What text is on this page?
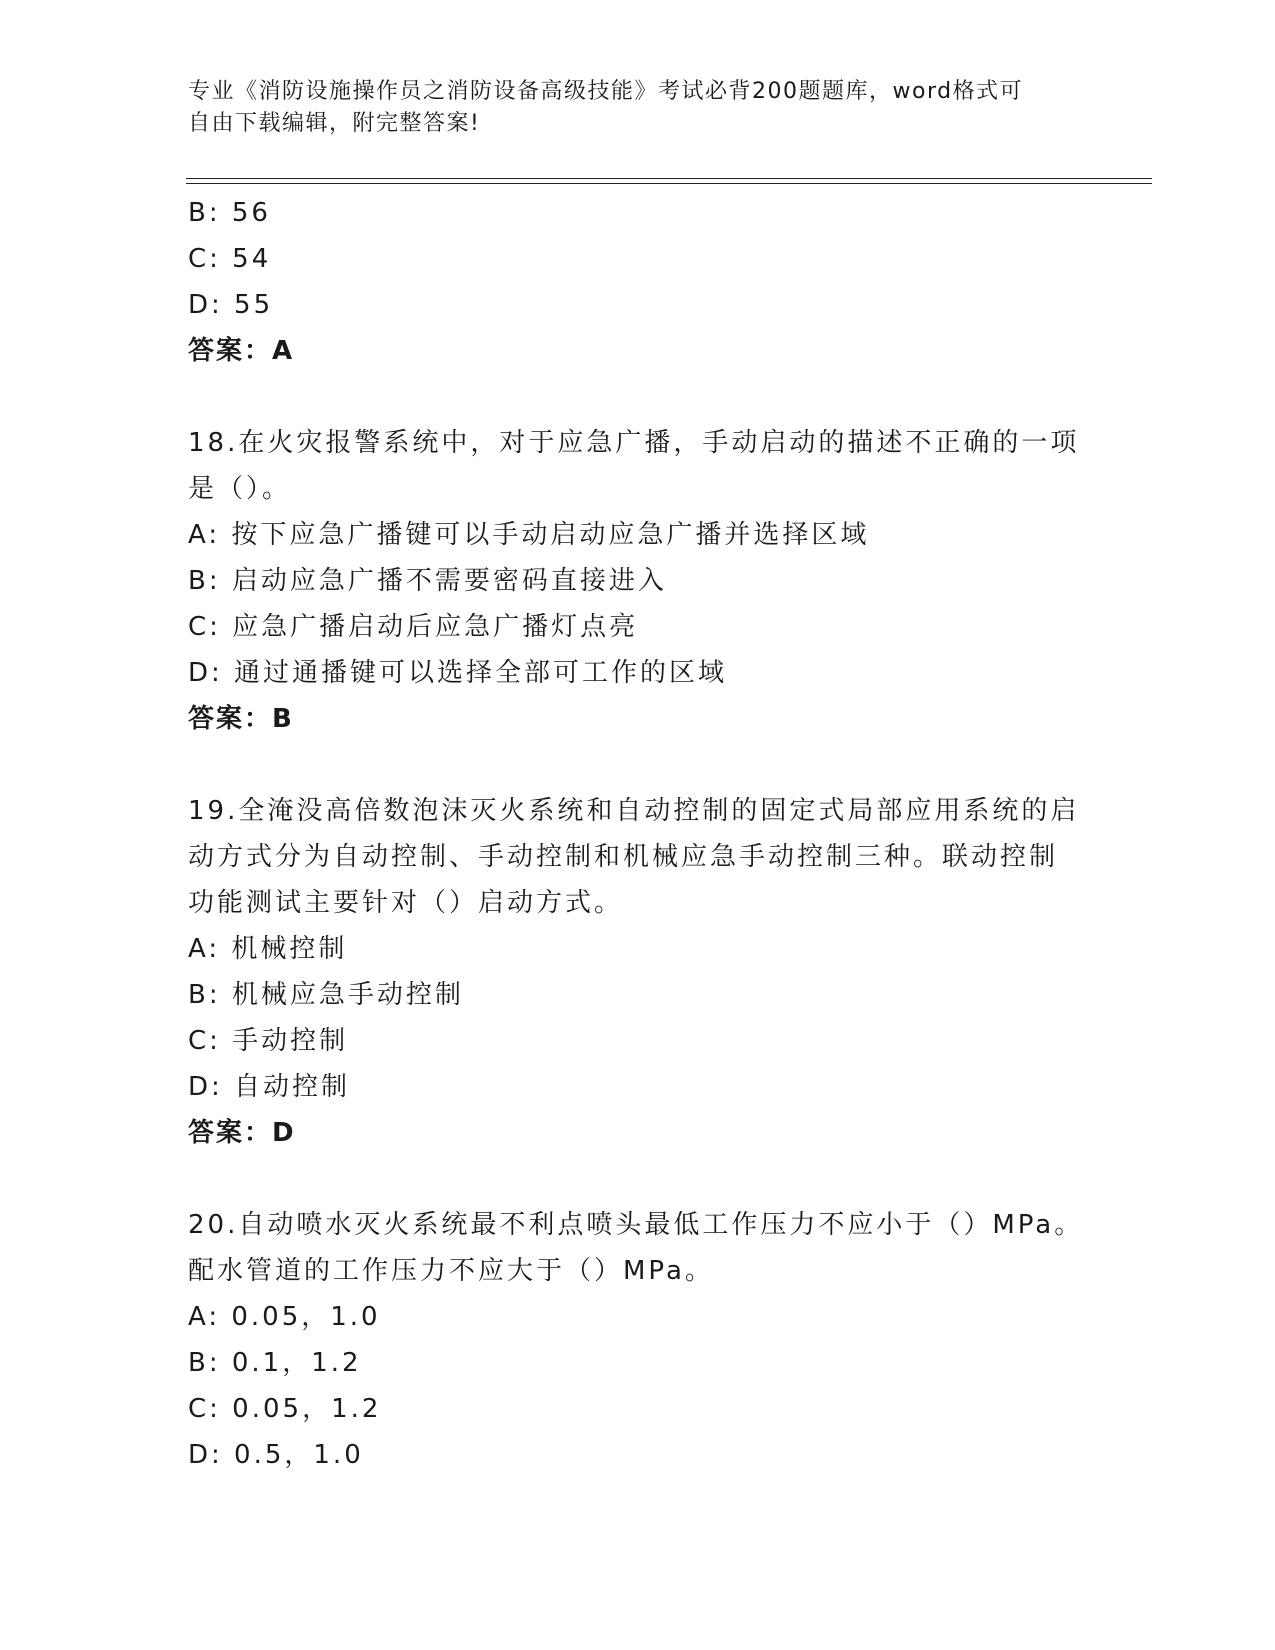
专业《消防设施操作员之消防设备高级技能》考试必背200题题库，word格式可
自由下载编辑，附完整答案!
B: 56
C: 54
D: 55
答案：A
18.在火灾报警系统中，对于应急广播，手动启动的描述不正确的一项
是（）。
A: 按下应急广播键可以手动启动应急广播并选择区域
B: 启动应急广播不需要密码直接进入
C: 应急广播启动后应急广播灯点亮
D: 通过通播键可以选择全部可工作的区域
答案：B
19.全淹没高倍数泡沫灭火系统和自动控制的固定式局部应用系统的启
动方式分为自动控制、手动控制和机械应急手动控制三种。联动控制
功能测试主要针对（）启动方式。
A: 机械控制
B: 机械应急手动控制
C: 手动控制
D: 自动控制
答案：D
20.自动喷水灭火系统最不利点喷头最低工作压力不应小于（）MPa。
配水管道的工作压力不应大于（）MPa。
A: 0.05，1.0
B: 0.1，1.2
C: 0.05，1.2
D: 0.5，1.0
